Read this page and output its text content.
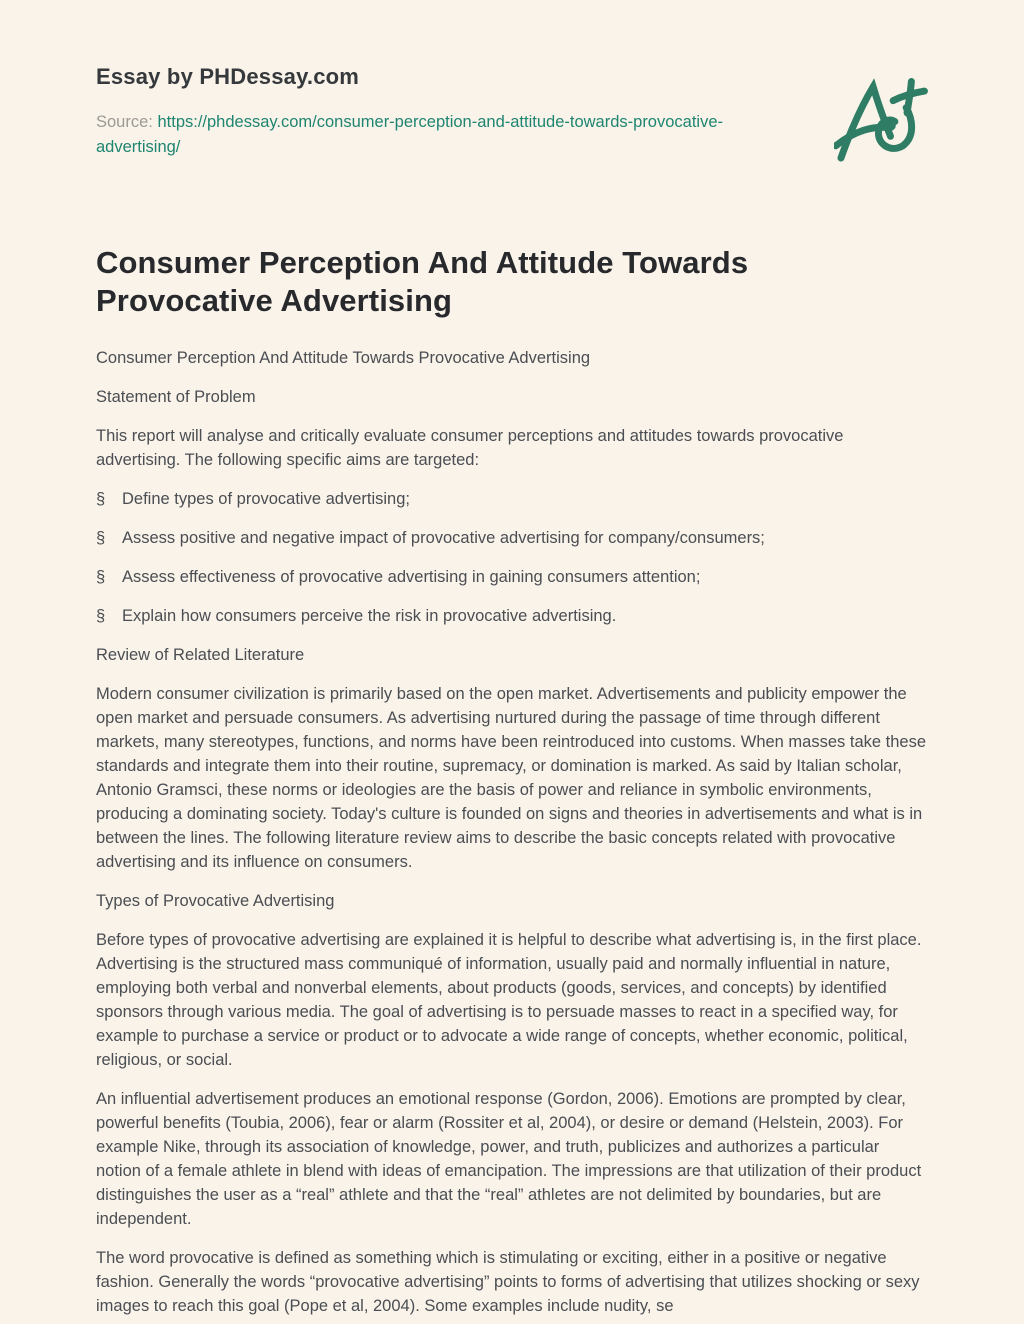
Essay by PHDessay.com

Source: https://phdessay.com/consumer-perception-and-attitude-towards-provocative-advertising/

Consumer Perception And Attitude Towards Provocative Advertising

Consumer Perception And Attitude Towards Provocative Advertising

Statement of Problem

This report will analyse and critically evaluate consumer perceptions and attitudes towards provocative advertising. The following specific aims are targeted:

§	Define types of provocative advertising;

§	Assess positive and negative impact of provocative advertising for company/consumers;

§	Assess effectiveness of provocative advertising in gaining consumers attention;

§	Explain how consumers perceive the risk in provocative advertising.

Review of Related Literature

Modern consumer civilization is primarily based on the open market. Advertisements and publicity empower the open market and persuade consumers. As advertising nurtured during the passage of time through different markets, many stereotypes, functions, and norms have been reintroduced into customs. When masses take these standards and integrate them into their routine, supremacy, or domination is marked. As said by Italian scholar, Antonio Gramsci, these norms or ideologies are the basis of power and reliance in symbolic environments, producing a dominating society. Today's culture is founded on signs and theories in advertisements and what is in between the lines. The following literature review aims to describe the basic concepts related with provocative advertising and its influence on consumers.

Types of Provocative Advertising

Before types of provocative advertising are explained it is helpful to describe what advertising is, in the first place. Advertising is the structured mass communiqué of information, usually paid and normally influential in nature, employing both verbal and nonverbal elements, about products (goods, services, and concepts) by identified sponsors through various media. The goal of advertising is to persuade masses to react in a specified way, for example to purchase a service or product or to advocate a wide range of concepts, whether economic, political, religious, or social.

An influential advertisement produces an emotional response (Gordon, 2006). Emotions are prompted by clear, powerful benefits (Toubia, 2006), fear or alarm (Rossiter et al, 2004), or desire or demand (Helstein, 2003). For example Nike, through its association of knowledge, power, and truth, publicizes and authorizes a particular notion of a female athlete in blend with ideas of emancipation. The impressions are that utilization of their product distinguishes the user as a “real” athlete and that the “real” athletes are not delimited by boundaries, but are independent.

The word provocative is defined as something which is stimulating or exciting, either in a positive or negative fashion. Generally the words “provocative advertising” points to forms of advertising that utilizes shocking or sexy images to reach this goal (Pope et al, 2004). Some examples include nudity, se
